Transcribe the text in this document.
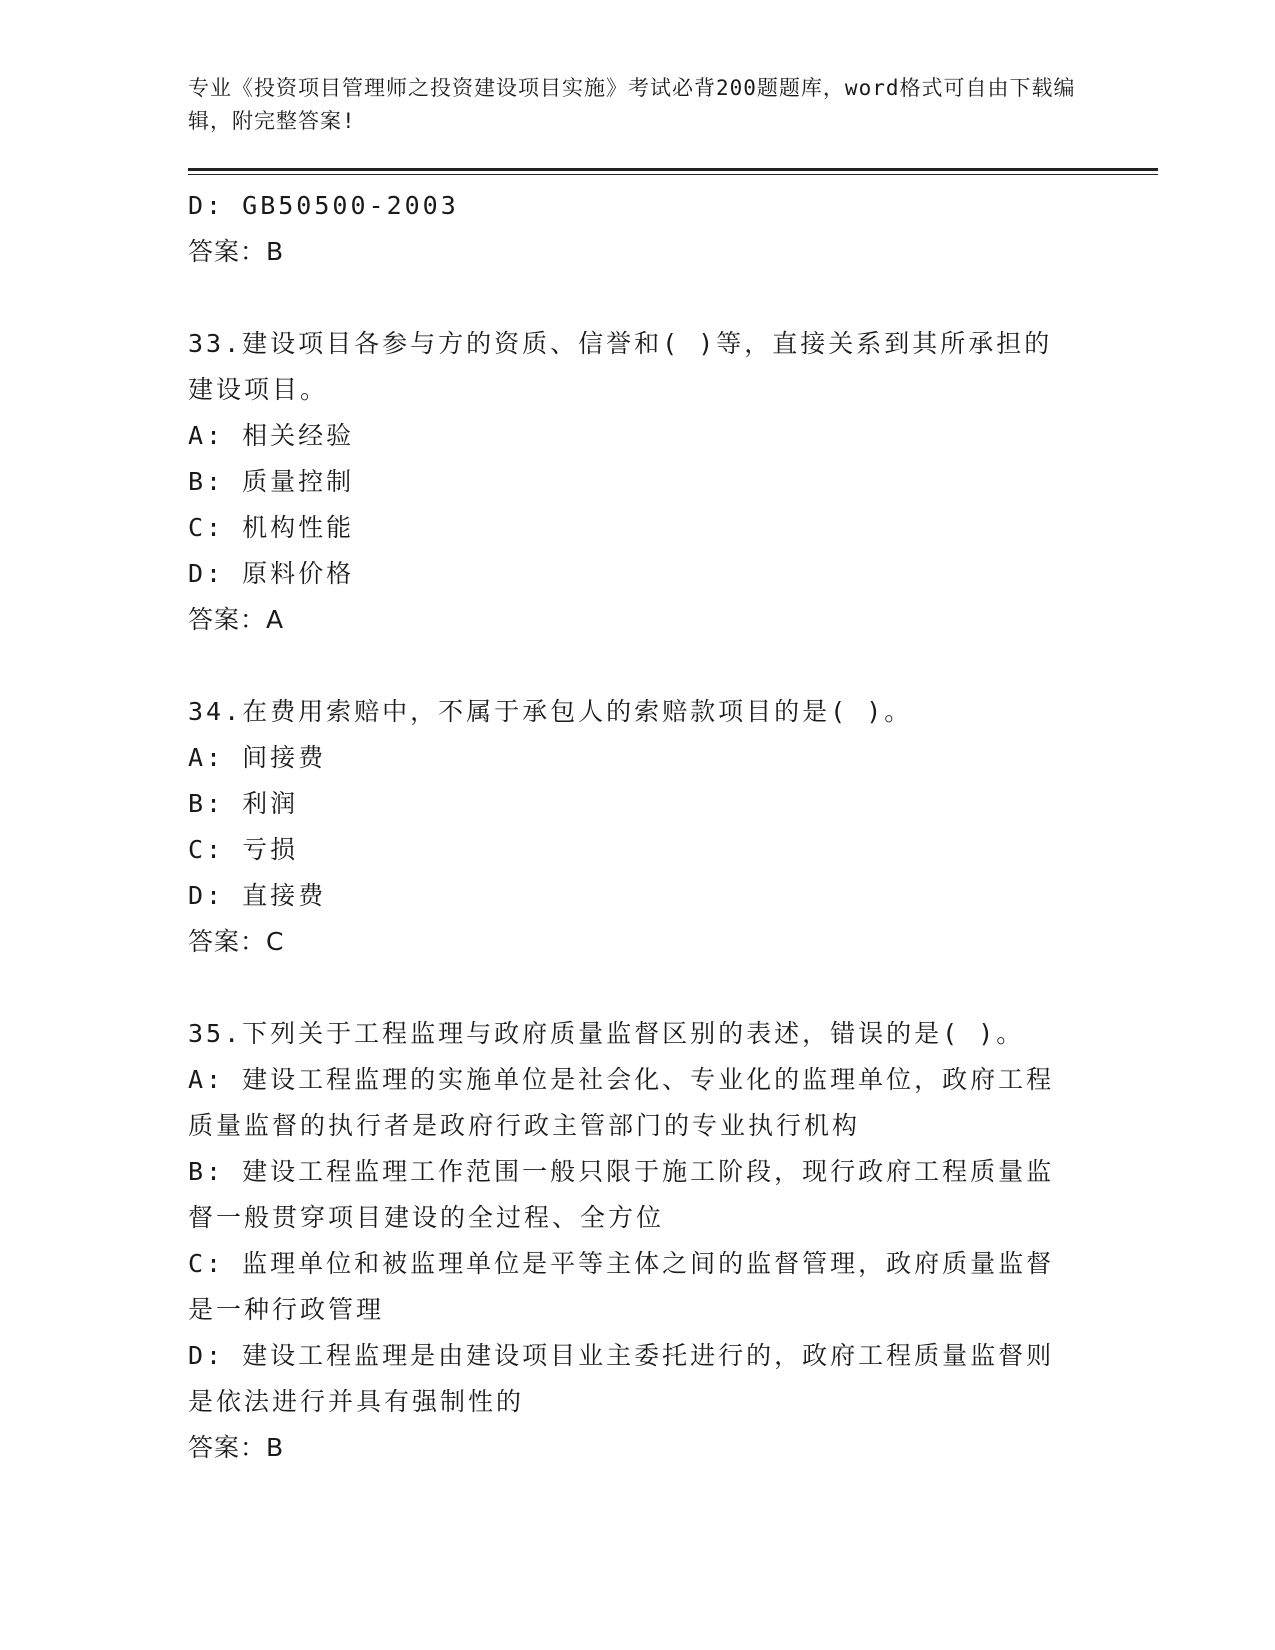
专业《投资项目管理师之投资建设项目实施》考试必背200题题库，word格式可自由下载编辑，附完整答案!

D: GB50500-2003

答案：B

33.建设项目各参与方的资质、信誉和( )等，直接关系到其所承担的建设项目。

A: 相关经验

B: 质量控制

C: 机构性能

D: 原料价格

答案：A

34.在费用索赔中，不属于承包人的索赔款项目的是( )。

A: 间接费

B: 利润

C: 亏损

D: 直接费

答案：C

35.下列关于工程监理与政府质量监督区别的表述，错误的是( )。

A: 建设工程监理的实施单位是社会化、专业化的监理单位，政府工程质量监督的执行者是政府行政主管部门的专业执行机构

B: 建设工程监理工作范围一般只限于施工阶段，现行政府工程质量监督一般贯穿项目建设的全过程、全方位

C: 监理单位和被监理单位是平等主体之间的监督管理，政府质量监督是一种行政管理

D: 建设工程监理是由建设项目业主委托进行的，政府工程质量监督则是依法进行并具有强制性的

答案：B
